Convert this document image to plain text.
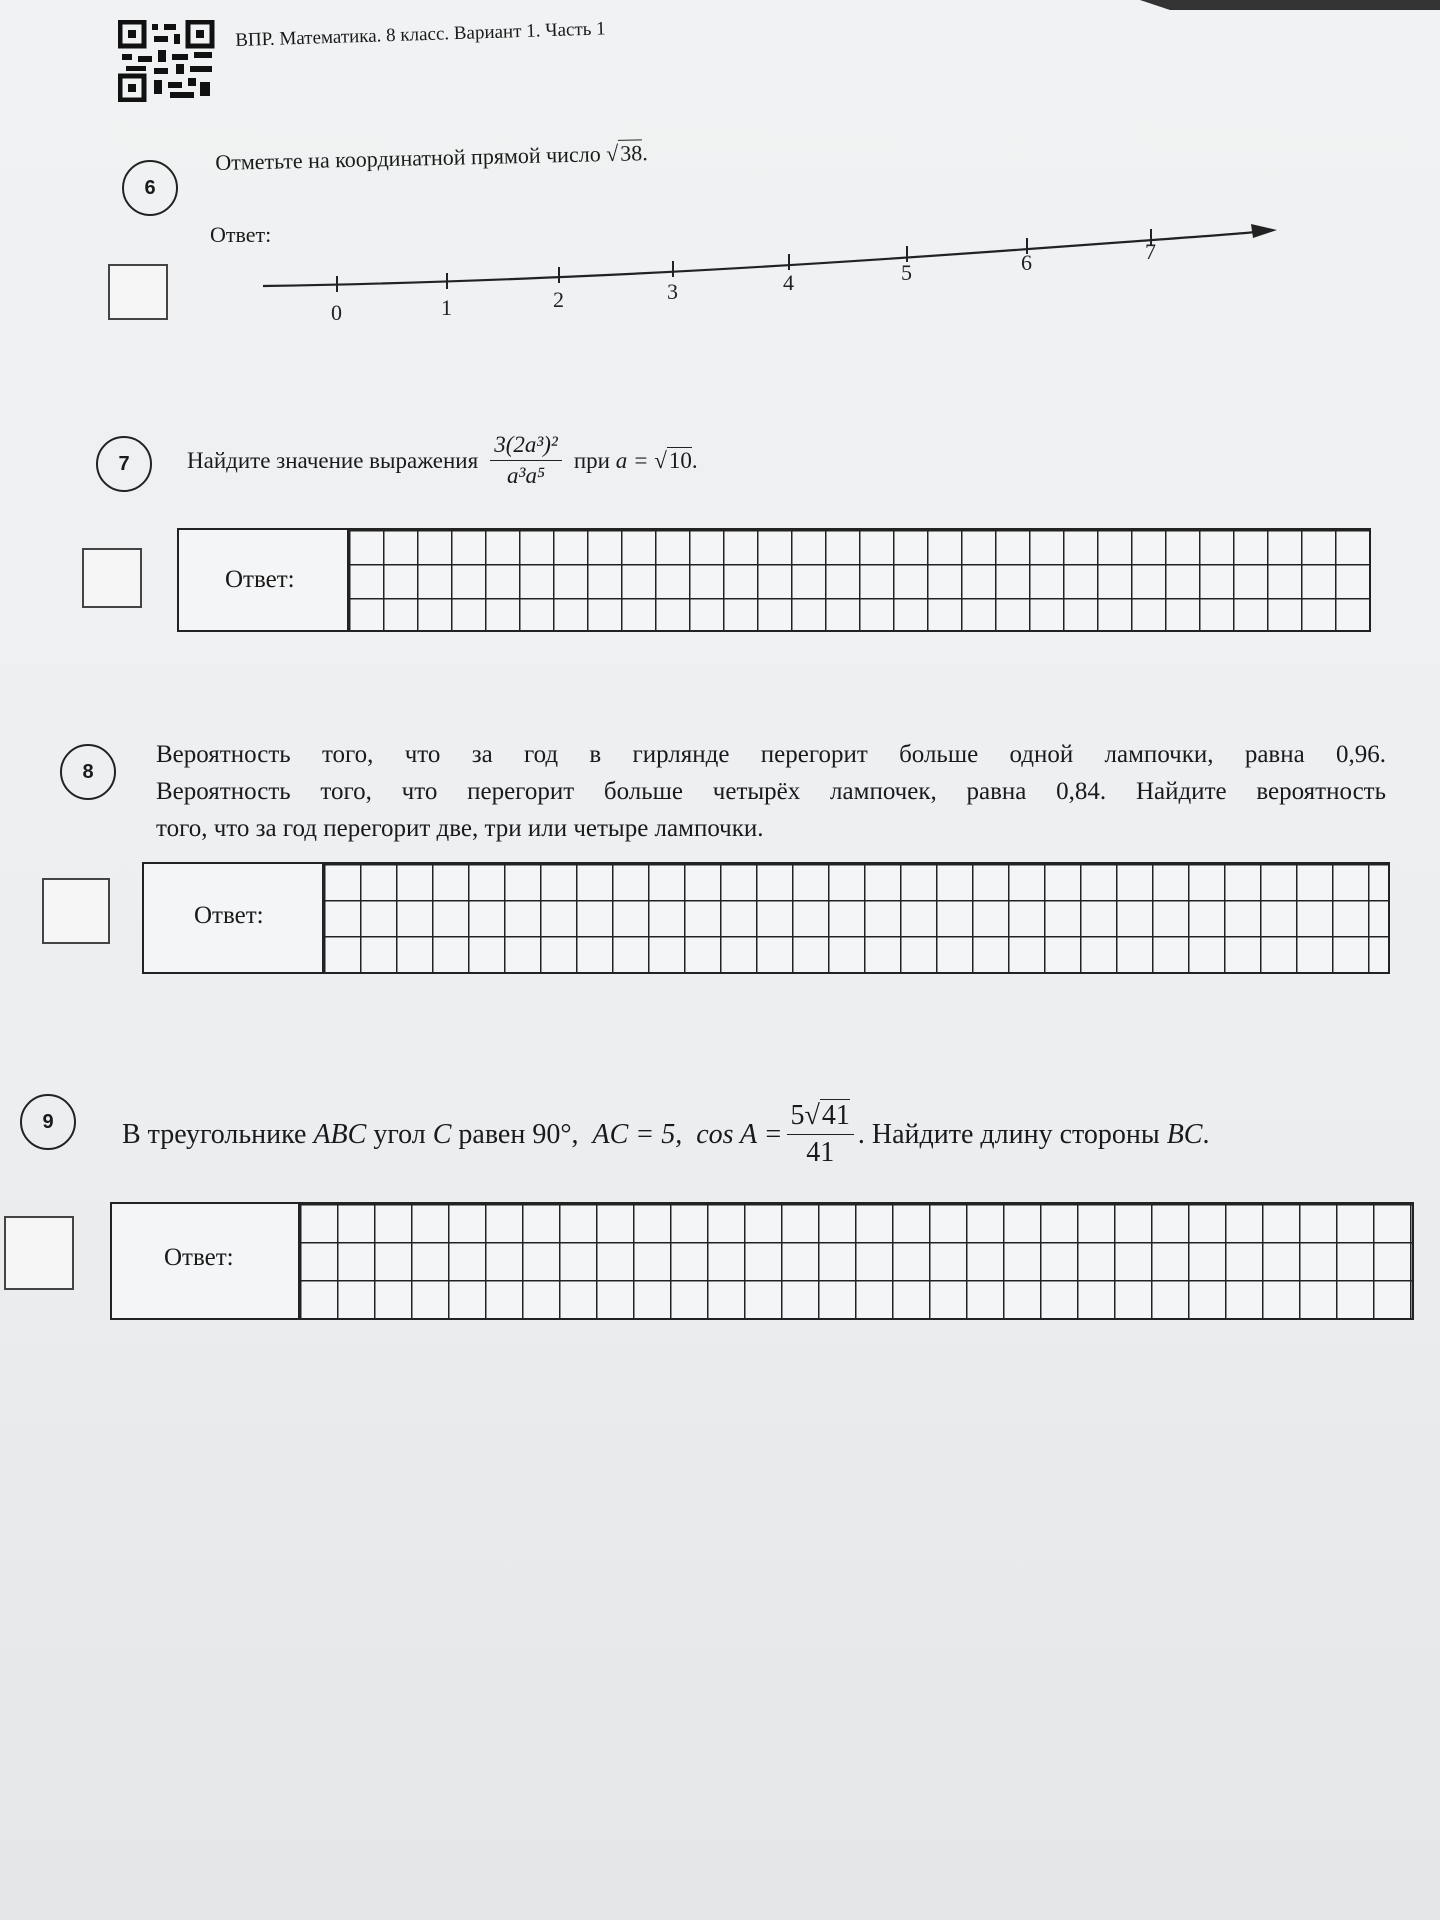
ВПР. Математика. 8 класс. Вариант 1. Часть 1
6
Отметьте на координатной прямой число √38.
Ответ:
0	1	2	3	4	5	6	7
7 Найдите значение выражения $\frac{\text{3(2a³)²}}{\text{a³a⁵}}$ при
a =
√10 .
Ответ:
8
Вероятность того, что за год в гирлянде перегорит больше одной лампочки, равна 0,96.
Вероятность того, что перегорит больше четырёх лампочек, равна 0,84. Найдите вероятность
того, что за год перегорит две, три или четыре лампочки.
Ответ:
9 В треугольнике
ABC
угол
C
равен 90°,
AC = 5,
$\cos A = \frac{5√41}{41}$ . Найдите длину стороны
BC .
Ответ:
